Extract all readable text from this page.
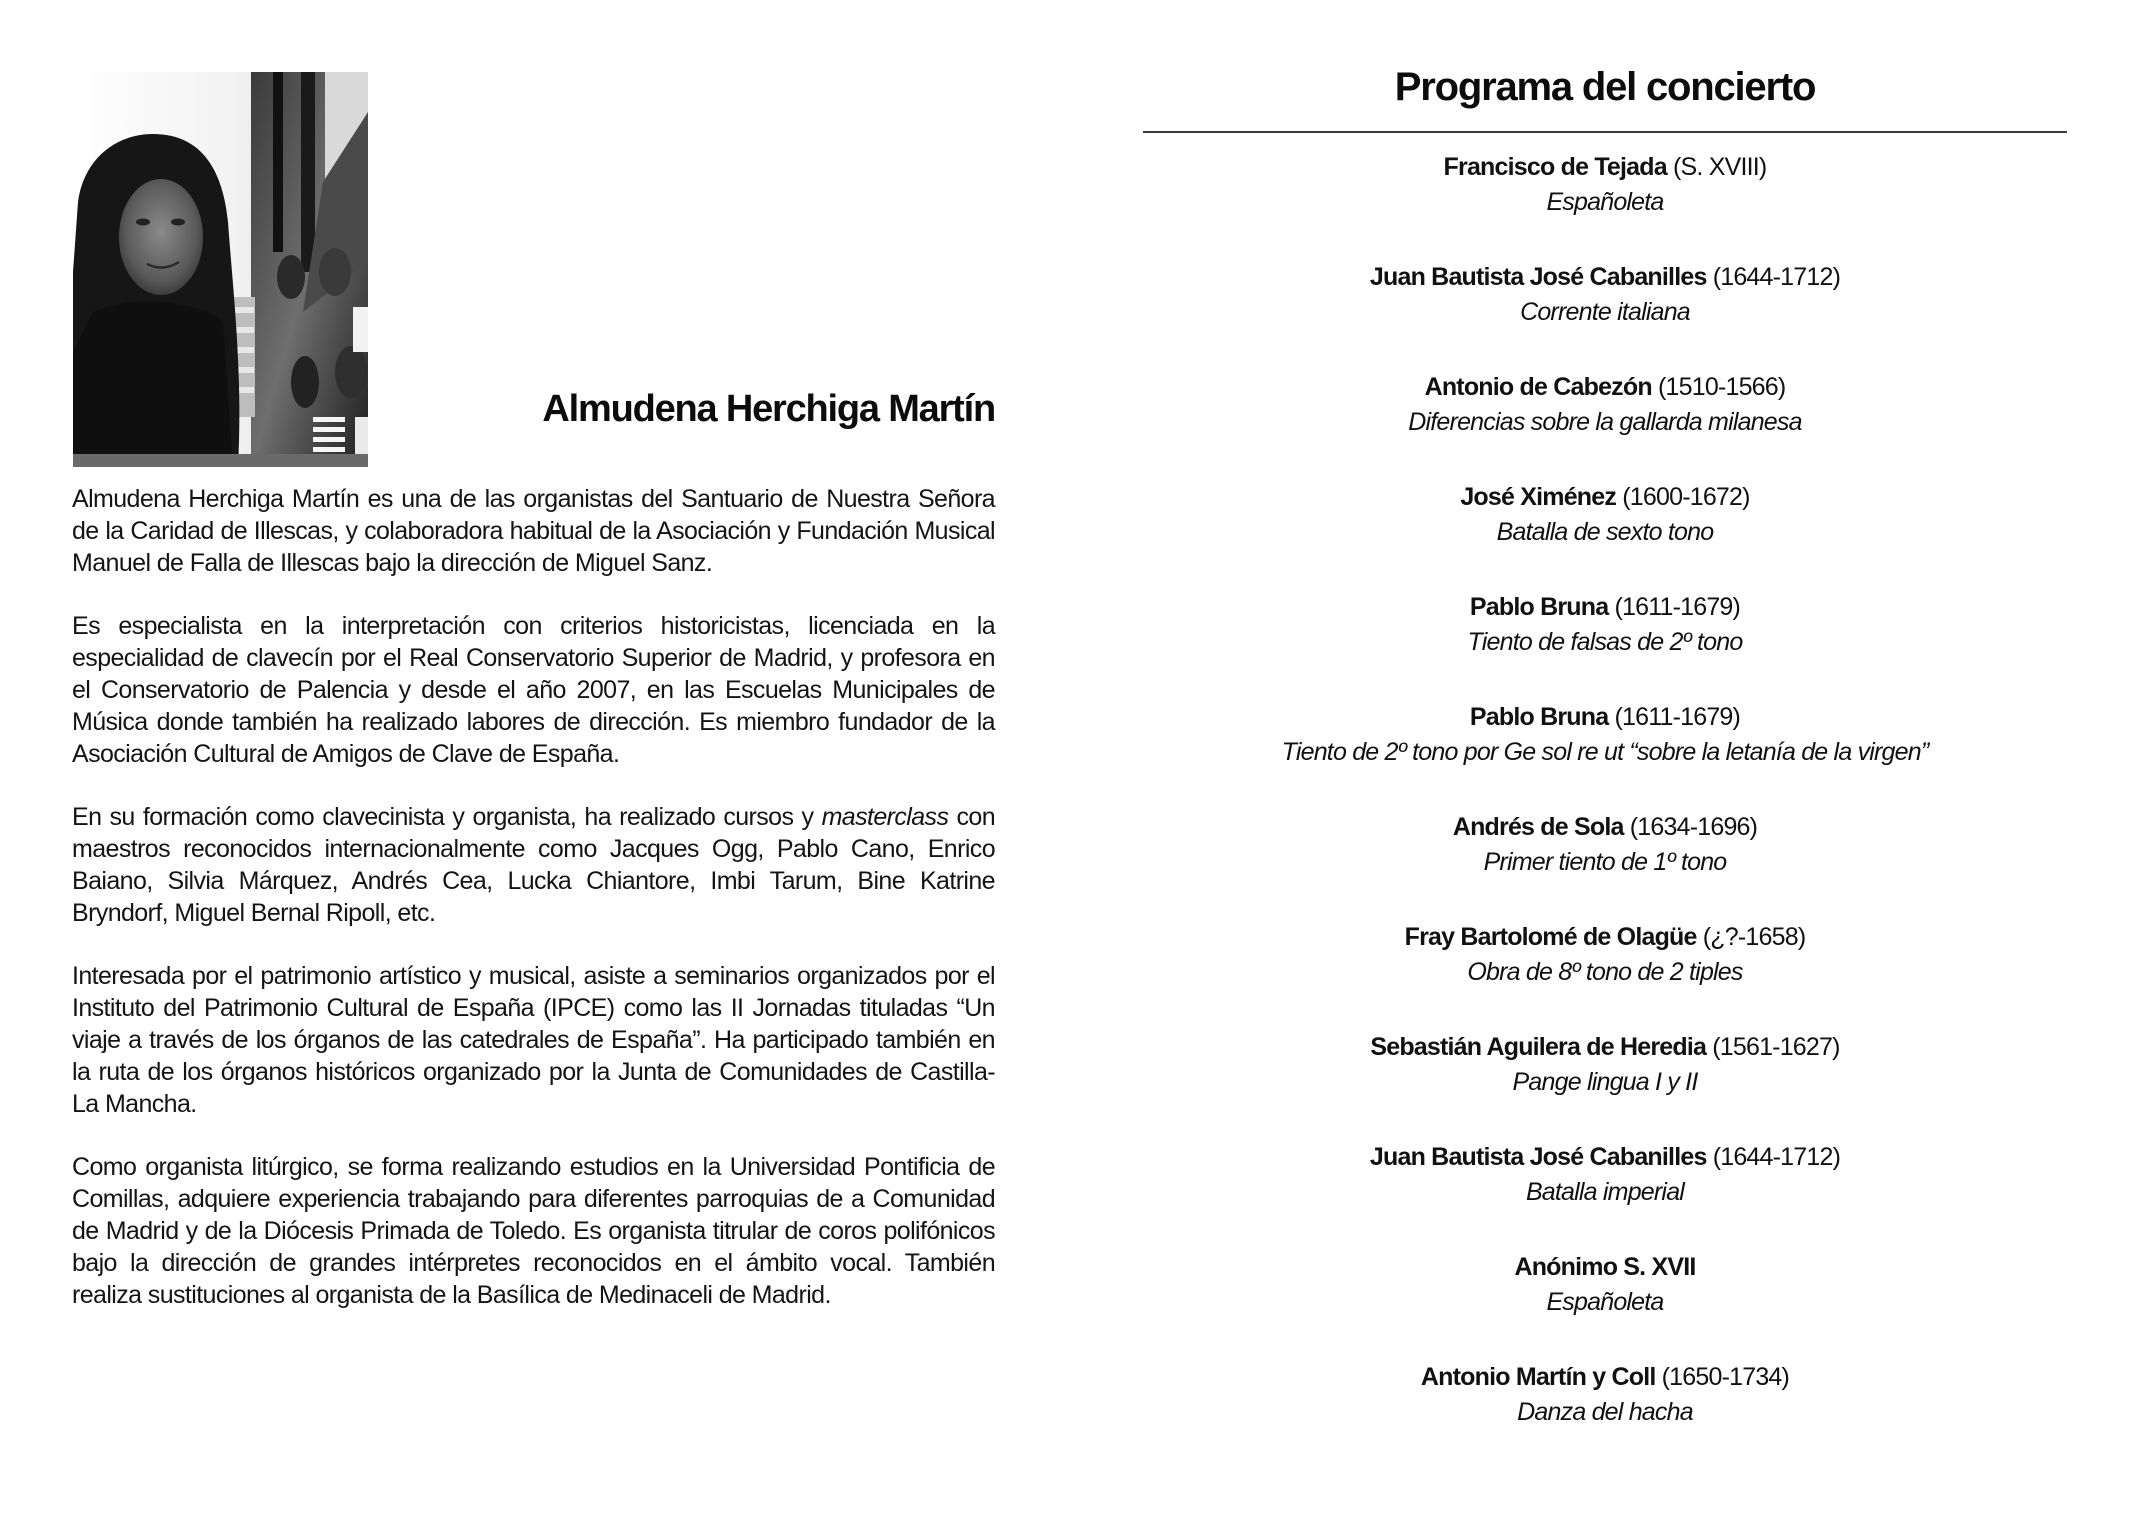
Almudena Herchiga Martín

Almudena Herchiga Martín es una de las organistas del Santuario de Nuestra Señora de la Caridad de Illescas, y colaboradora habitual de la Asociación y Fundación Musical Manuel de Falla de Illescas bajo la dirección de Miguel Sanz.

Es especialista en la interpretación con criterios historicistas, licenciada en la especialidad de clavecín por el Real Conservatorio Superior de Madrid, y profesora en el Conservatorio de Palencia y desde el año 2007, en las Escuelas Municipales de Música donde también ha realizado labores de dirección. Es miembro fundador de la Asociación Cultural de Amigos de Clave de España.

En su formación como clavecinista y organista, ha realizado cursos y masterclass con maestros reconocidos internacionalmente como Jacques Ogg, Pablo Cano, Enrico Baiano, Silvia Márquez, Andrés Cea, Lucka Chiantore, Imbi Tarum, Bine Katrine Bryndorf, Miguel Bernal Ripoll, etc.

Interesada por el patrimonio artístico y musical, asiste a seminarios organizados por el Instituto del Patrimonio Cultural de España (IPCE) como las II Jornadas tituladas “Un viaje a través de los órganos de las catedrales de España”. Ha participado también en la ruta de los órganos históricos organizado por la Junta de Comunidades de Castilla-La Mancha.

Como organista litúrgico, se forma realizando estudios en la Universidad Pontificia de Comillas, adquiere experiencia trabajando para diferentes parroquias de a Comunidad de Madrid y de la Diócesis Primada de Toledo. Es organista titrular de coros polifónicos bajo la dirección de grandes intérpretes reconocidos en el ámbito vocal. También realiza sustituciones al organista de la Basílica de Medinaceli de Madrid.

Programa del concierto
Francisco de Tejada (S. XVIII)
Españoleta
Juan Bautista José Cabanilles (1644-1712)
Corrente italiana
Antonio de Cabezón (1510-1566)
Diferencias sobre la gallarda milanesa
José Ximénez (1600-1672)
Batalla de sexto tono
Pablo Bruna (1611-1679)
Tiento de falsas de 2º tono
Pablo Bruna (1611-1679)
Tiento de 2º tono por Ge sol re ut “sobre la letanía de la virgen”
Andrés de Sola (1634-1696)
Primer tiento de 1º tono
Fray Bartolomé de Olagüe (¿?-1658)
Obra de 8º tono de 2 tiples
Sebastián Aguilera de Heredia (1561-1627)
Pange lingua I y II
Juan Bautista José Cabanilles (1644-1712)
Batalla imperial
Anónimo S. XVII
Españoleta
Antonio Martín y Coll (1650-1734)
Danza del hacha
